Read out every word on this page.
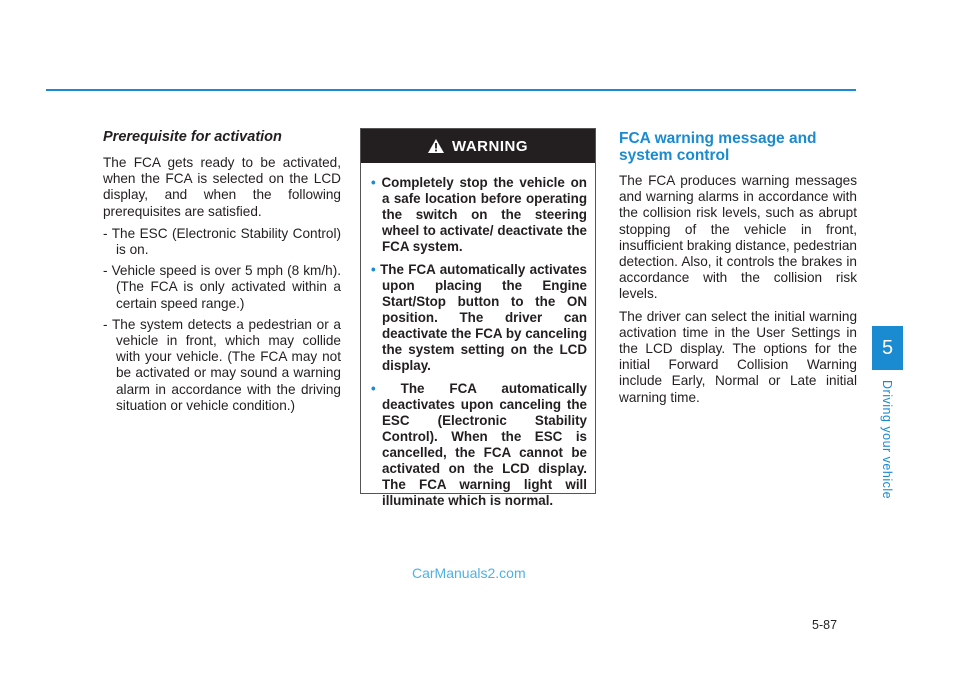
Prerequisite for activation

The FCA gets ready to be activated, when the FCA is selected on the LCD display, and when the following prerequisites are satisfied.

- The ESC (Electronic Stability Control) is on.

- Vehicle speed is over 5 mph (8 km/h). (The FCA is only activated within a certain speed range.)

- The system detects a pedestrian or a vehicle in front, which may collide with your vehicle. (The FCA may not be activated or may sound a warning alarm in accordance with the driving situation or vehicle condition.)

WARNING

• Completely stop the vehicle on a safe location before operating the switch on the steering wheel to activate/ deactivate the FCA system.

• The FCA automatically activates upon placing the Engine Start/Stop button to the ON position. The driver can deactivate the FCA by canceling the system setting on the LCD display.

• The FCA automatically deactivates upon canceling the ESC (Electronic Stability Control). When the ESC is cancelled, the FCA cannot be activated on the LCD display. The FCA warning light will illuminate which is normal.

FCA warning message and system control

The FCA produces warning messages and warning alarms in accordance with the collision risk levels, such as abrupt stopping of the vehicle in front, insufficient braking distance, pedestrian detection. Also, it controls the brakes in accordance with the collision risk levels.

The driver can select the initial warning activation time in the User Settings in the LCD display. The options for the initial Forward Collision Warning include Early, Normal or Late initial warning time.

5
Driving your vehicle
CarManuals2.com
5-87
